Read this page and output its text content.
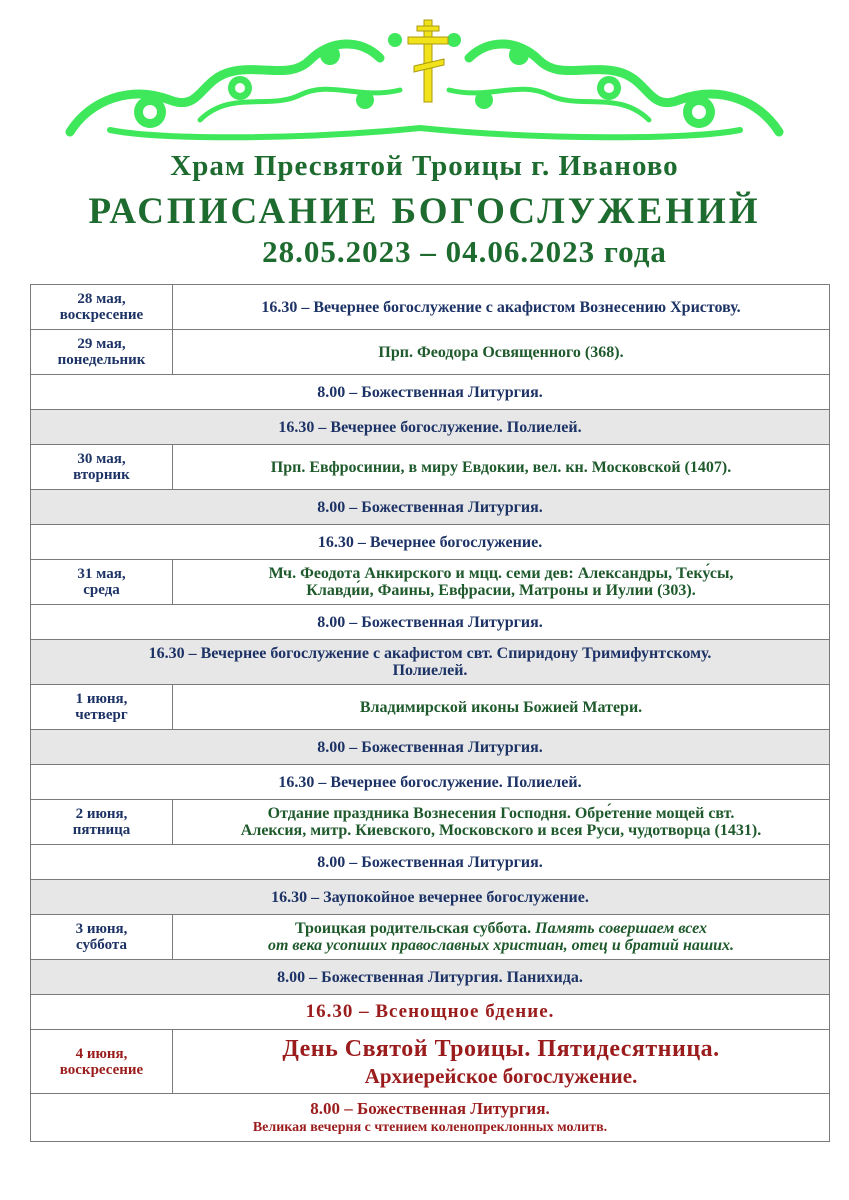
Храм Пресвятой Троицы г. Иваново
РАСПИСАНИЕ БОГОСЛУЖЕНИЙ
28.05.2023 – 04.06.2023 года
28 мая,
воскресение	16.30 – Вечернее богослужение с акафистом Вознесению Христову.
29 мая,
понедельник	Прп. Феодора Освященного (368).
8.00 – Божественная Литургия.	
16.30 – Вечернее богослужение. Полиелей.	
30 мая,
вторник	Прп. Евфросинии, в миру Евдокии, вел. кн. Московской (1407).
8.00 – Божественная Литургия.	
16.30 – Вечернее богослужение.	
31 мая,
среда	Мч. Феодота Анкирского и мцц. семи дев: Александры, Теку́сы,
Клавди́и, Фаины, Евфрасии, Матроны и Иулии (303).
8.00 – Божественная Литургия.	
16.30 – Вечернее богослужение с акафистом свт. Спиридону Тримифунтскому.
Полиелей.	
1 июня,
четверг	Владимирской иконы Божией Матери.
8.00 – Божественная Литургия.	
16.30 – Вечернее богослужение. Полиелей.	
2 июня,
пятница	Отдание праздника Вознесения Господня. Обре́тение мощей свт.
Алексия, митр. Киевского, Московского и всея Руси, чудотворца (1431).
8.00 – Божественная Литургия.	
16.30 – Заупокойное вечернее богослужение.	
3 июня,
суббота	Троицкая родительская суббота. Память совершаем всех
от века усопших православных христиан, отец и братий наших.
8.00 – Божественная Литургия. Панихида.	

16.30 – Всенощное бдение.	

4 июня,
воскресение	День Святой Троицы. Пятидесятница.
Архиерейское богослужение.

8.00 – Божественная Литургия.
Великая вечерня с чтением коленопреклонных молитв.	
